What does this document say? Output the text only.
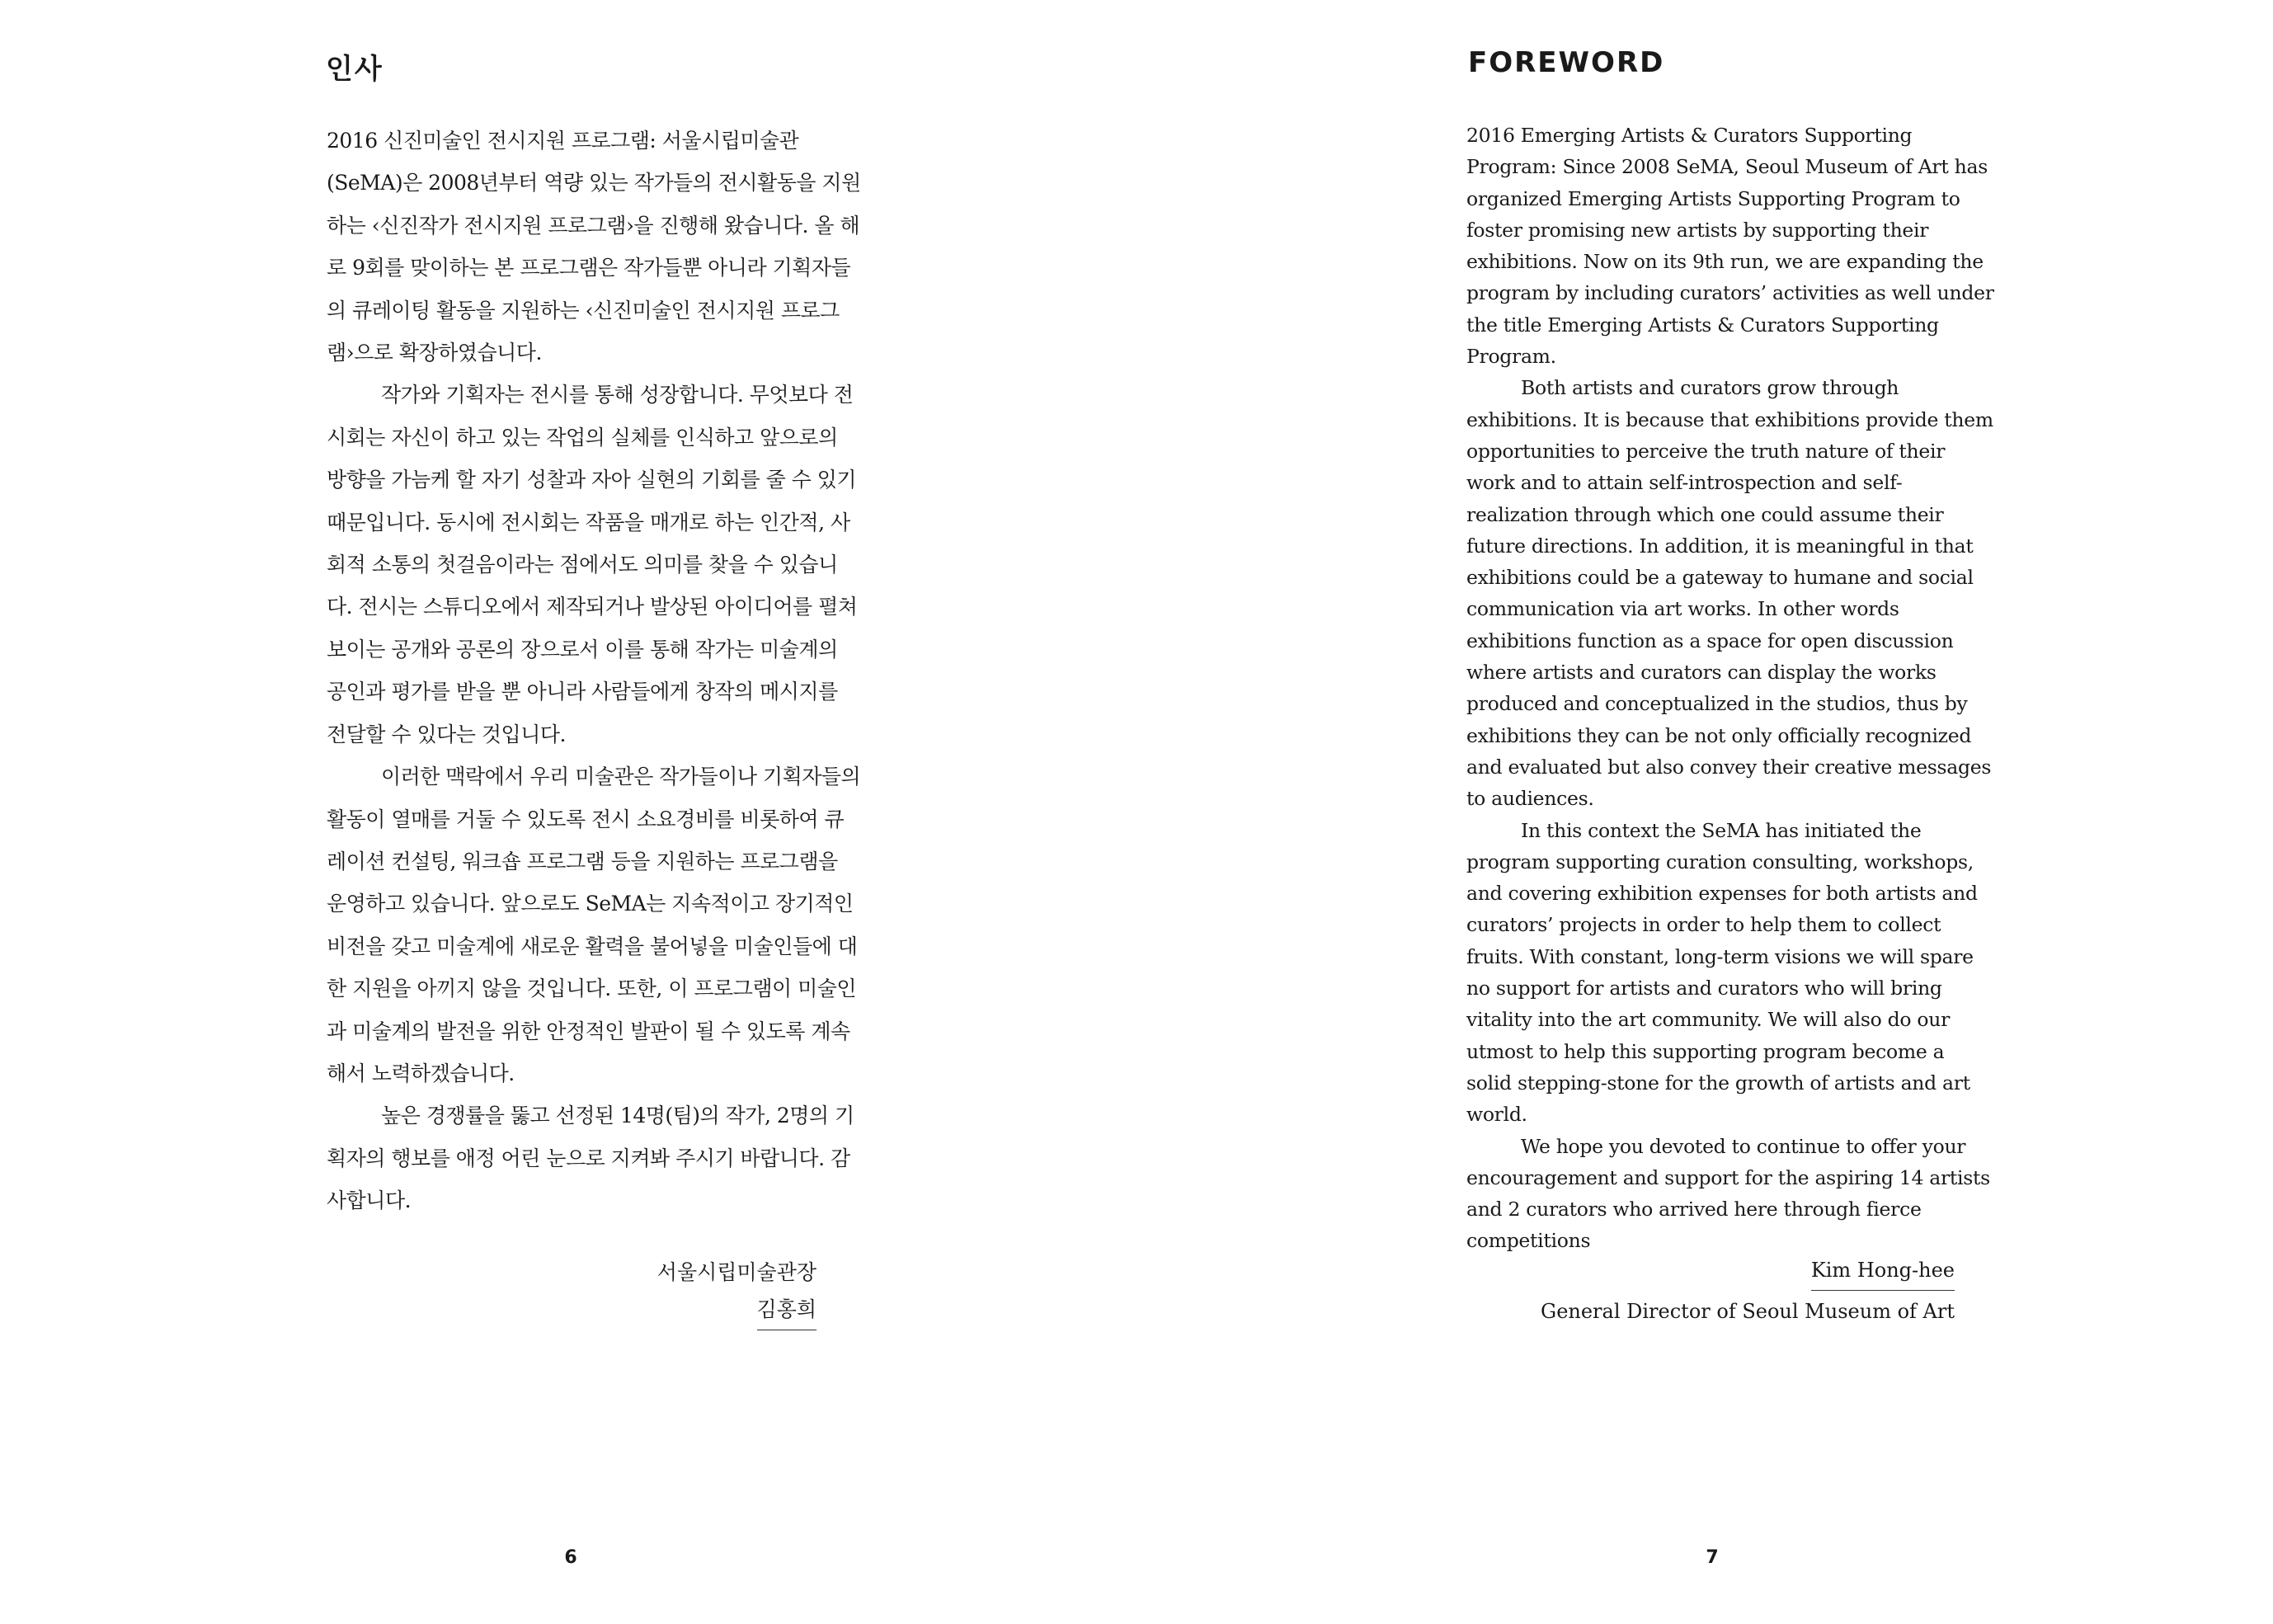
인사

2016 신진미술인 전시지원 프로그램: 서울시립미술관 (SeMA)은 2008년부터 역량 있는 작가들의 전시활동을 지원하는 ‹신진작가 전시지원 프로그램›을 진행해 왔습니다. 올 해로 9회를 맞이하는 본 프로그램은 작가들뿐 아니라 기획자들의 큐레이팅 활동을 지원하는 ‹신진미술인 전시지원 프로그램›으로 확장하였습니다.

작가와 기획자는 전시를 통해 성장합니다. 무엇보다 전시회는 자신이 하고 있는 작업의 실체를 인식하고 앞으로의 방향을 가늠케 할 자기 성찰과 자아 실현의 기회를 줄 수 있기 때문입니다. 동시에 전시회는 작품을 매개로 하는 인간적, 사회적 소통의 첫걸음이라는 점에서도 의미를 찾을 수 있습니다. 전시는 스튜디오에서 제작되거나 발상된 아이디어를 펼쳐 보이는 공개와 공론의 장으로서 이를 통해 작가는 미술계의 공인과 평가를 받을 뿐 아니라 사람들에게 창작의 메시지를 전달할 수 있다는 것입니다.

이러한 맥락에서 우리 미술관은 작가들이나 기획자들의 활동이 열매를 거둘 수 있도록 전시 소요경비를 비롯하여 큐레이션 컨설팅, 워크숍 프로그램 등을 지원하는 프로그램을 운영하고 있습니다. 앞으로도 SeMA는 지속적이고 장기적인 비전을 갖고 미술계에 새로운 활력을 불어넣을 미술인들에 대한 지원을 아끼지 않을 것입니다. 또한, 이 프로그램이 미술인과 미술계의 발전을 위한 안정적인 발판이 될 수 있도록 계속해서 노력하겠습니다.

높은 경쟁률을 뚫고 선정된 14명(팀)의 작가, 2명의 기획자의 행보를 애정 어린 눈으로 지켜봐 주시기 바랍니다. 감사합니다.

서울시립미술관장
김홍희
6
FOREWORD

2016 Emerging Artists & Curators Supporting Program: Since 2008 SeMA, Seoul Museum of Art has organized Emerging Artists Supporting Program to foster promising new artists by supporting their exhibitions. Now on its 9th run, we are expanding the program by including curators’ activities as well under the title Emerging Artists & Curators Supporting Program.

Both artists and curators grow through exhibitions. It is because that exhibitions provide them opportunities to perceive the truth nature of their work and to attain self-introspection and self-realization through which one could assume their future directions. In addition, it is meaningful in that exhibitions could be a gateway to humane and social communication via art works. In other words exhibitions function as a space for open discussion where artists and curators can display the works produced and conceptualized in the studios, thus by exhibitions they can be not only officially recognized and evaluated but also convey their creative messages to audiences.

In this context the SeMA has initiated the program supporting curation consulting, workshops, and covering exhibition expenses for both artists and curators’ projects in order to help them to collect fruits. With constant, long-term visions we will spare no support for artists and curators who will bring vitality into the art community. We will also do our utmost to help this supporting program become a solid stepping-stone for the growth of artists and art world.

We hope you devoted to continue to offer your encouragement and support for the aspiring 14 artists and 2 curators who arrived here through fierce competitions

Kim Hong-hee
General Director of Seoul Museum of Art
7
